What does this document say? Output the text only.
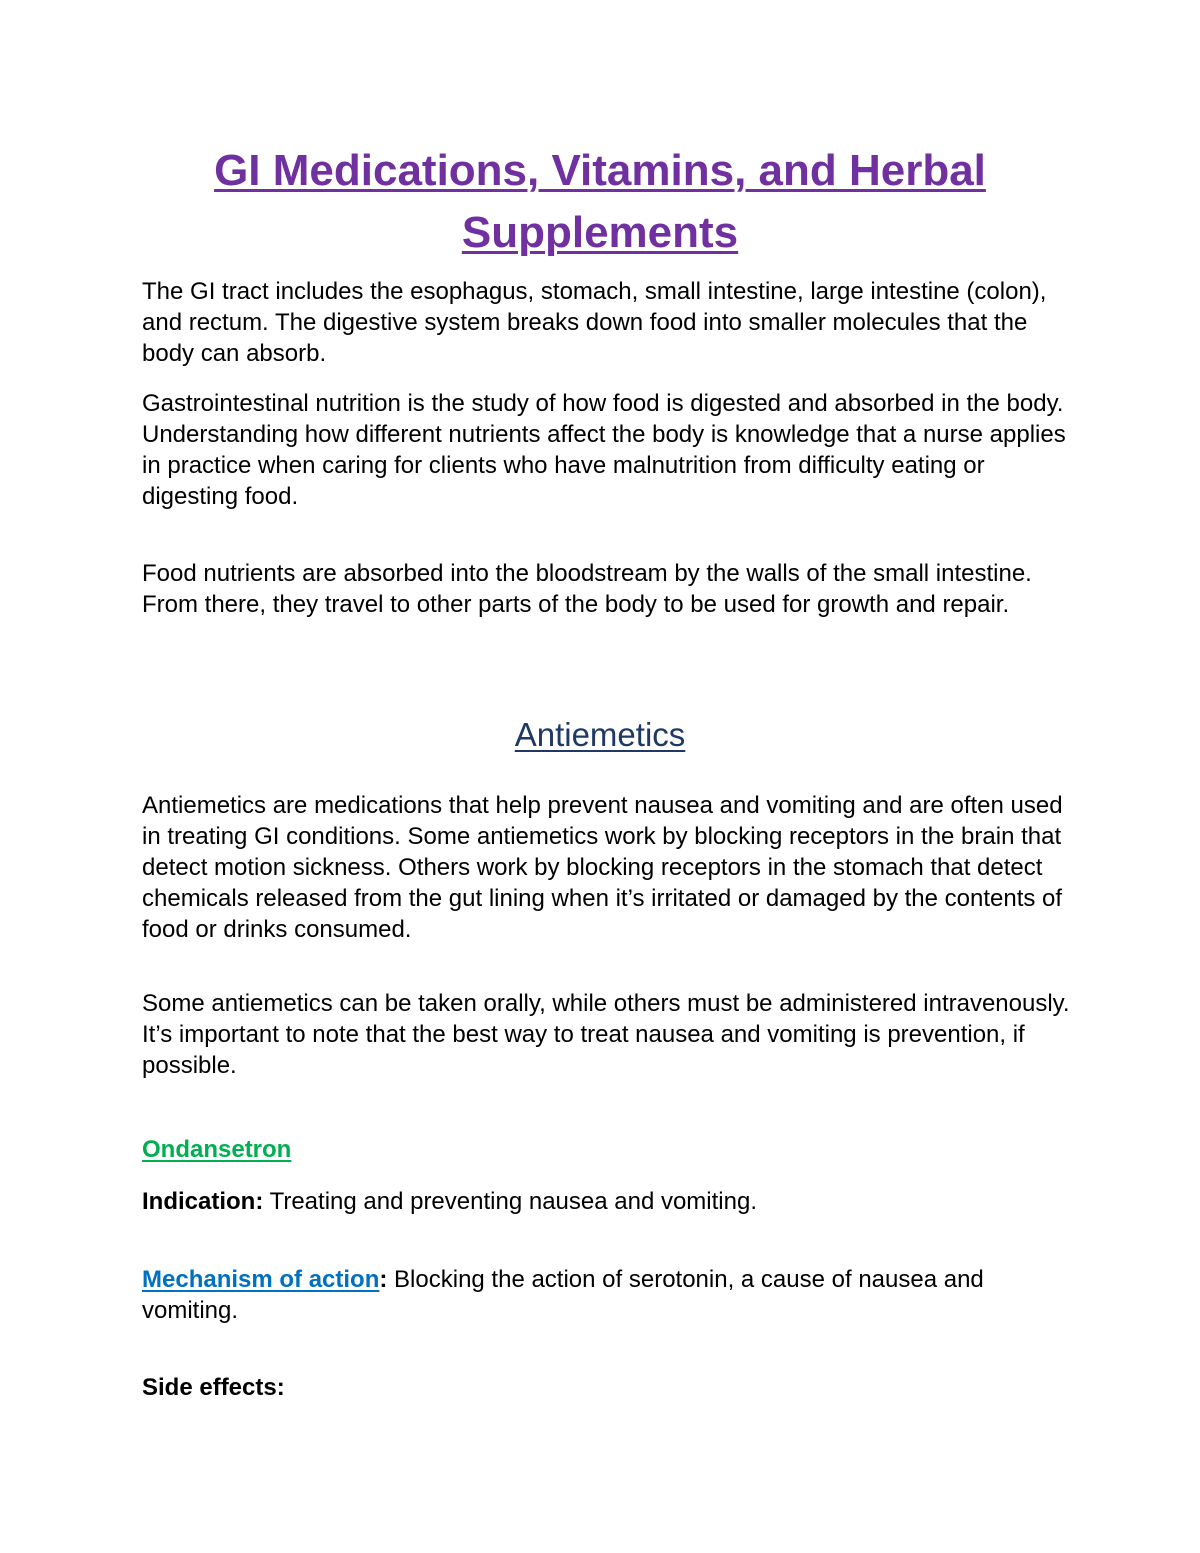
GI Medications, Vitamins, and Herbal Supplements

The GI tract includes the esophagus, stomach, small intestine, large intestine (colon), and rectum. The digestive system breaks down food into smaller molecules that the body can absorb.

Gastrointestinal nutrition is the study of how food is digested and absorbed in the body. Understanding how different nutrients affect the body is knowledge that a nurse applies in practice when caring for clients who have malnutrition from difficulty eating or digesting food.

Food nutrients are absorbed into the bloodstream by the walls of the small intestine. From there, they travel to other parts of the body to be used for growth and repair.

Antiemetics

Antiemetics are medications that help prevent nausea and vomiting and are often used in treating GI conditions. Some antiemetics work by blocking receptors in the brain that detect motion sickness. Others work by blocking receptors in the stomach that detect chemicals released from the gut lining when it’s irritated or damaged by the contents of food or drinks consumed.

Some antiemetics can be taken orally, while others must be administered intravenously. It’s important to note that the best way to treat nausea and vomiting is prevention, if possible.

Ondansetron

Indication: Treating and preventing nausea and vomiting.

Mechanism of action: Blocking the action of serotonin, a cause of nausea and vomiting.

Side effects:
